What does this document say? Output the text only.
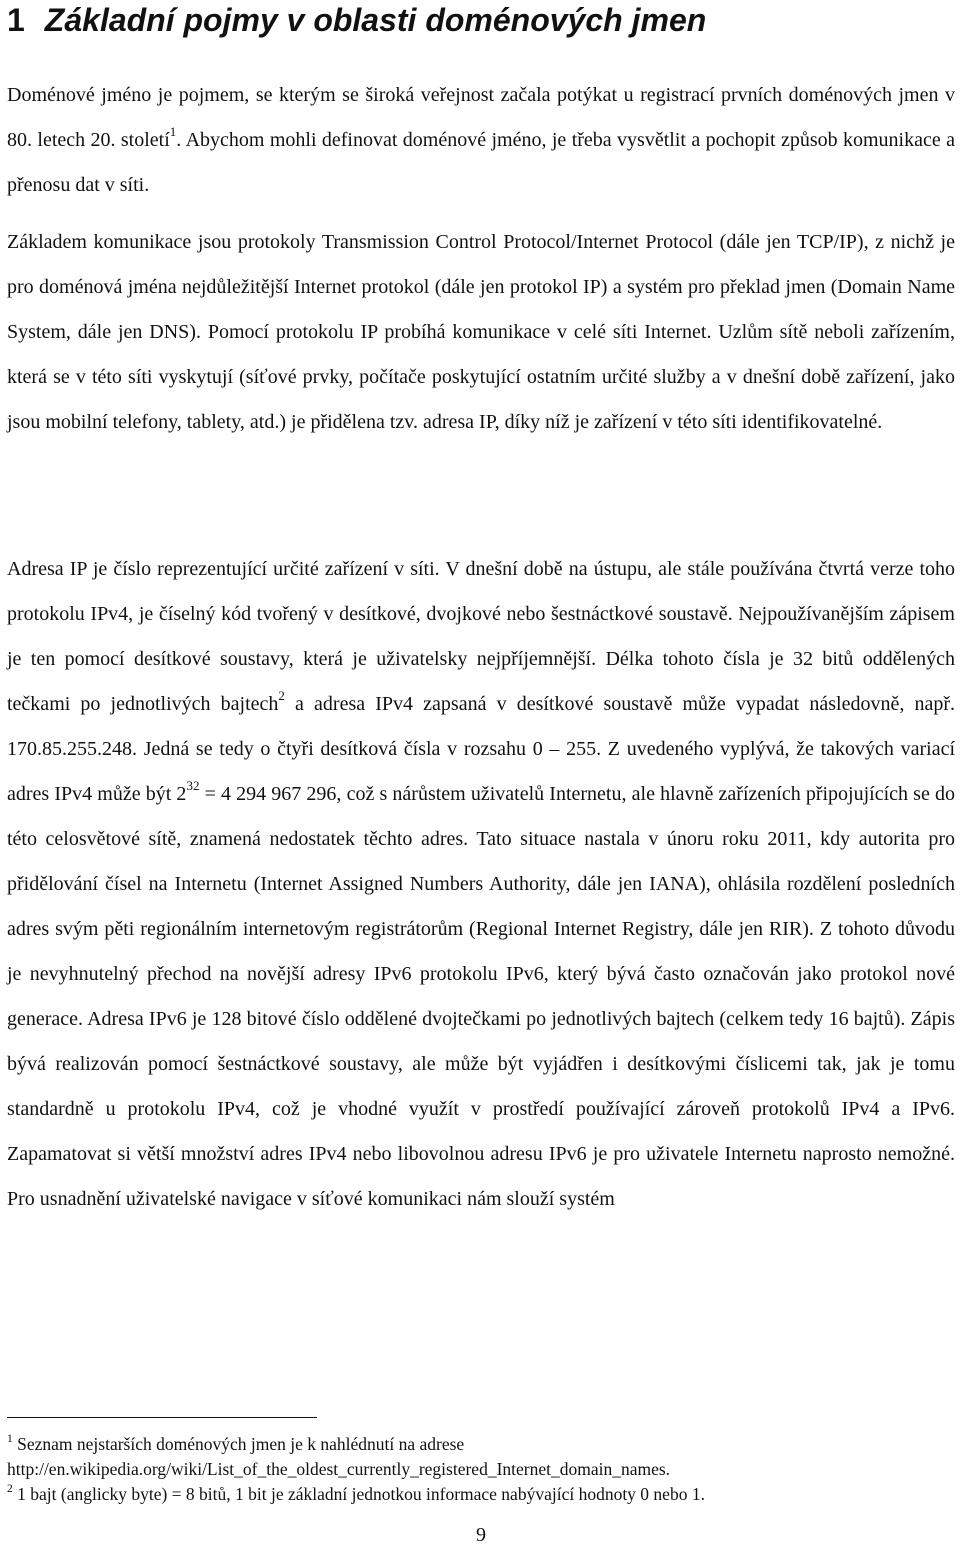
1 Základní pojmy v oblasti doménových jmen

Doménové jméno je pojmem, se kterým se široká veřejnost začala potýkat u registrací prvních doménových jmen v 80. letech 20. století$^1$. Abychom mohli definovat doménové jméno, je třeba vysvětlit a pochopit způsob komunikace a přenosu dat v síti.

Základem komunikace jsou protokoly Transmission Control Protocol/Internet Protocol (dále jen TCP/IP), z nichž je pro doménová jména nejdůležitější Internet protokol (dále jen protokol IP) a systém pro překlad jmen (Domain Name System, dále jen DNS). Pomocí protokolu IP probíhá komunikace v celé síti Internet. Uzlům sítě neboli zařízením, která se v této síti vyskytují (síťové prvky, počítače poskytující ostatním určité služby a v dnešní době zařízení, jako jsou mobilní telefony, tablety, atd.) je přidělena tzv. adresa IP, díky níž je zařízení v této síti identifikovatelné.

Adresa IP je číslo reprezentující určité zařízení v síti. V dnešní době na ústupu, ale stále používána čtvrtá verze toho protokolu IPv4, je číselný kód tvořený v desítkové, dvojkové nebo šestnáctkové soustavě. Nejpoužívanějším zápisem je ten pomocí desítkové soustavy, která je uživatelsky nejpříjemnější. Délka tohoto čísla je 32 bitů oddělených tečkami po jednotlivých bajtech$^2$ a adresa IPv4 zapsaná v desítkové soustavě může vypadat následovně, např. 170.85.255.248. Jedná se tedy o čtyři desítková čísla v rozsahu 0 – 255. Z uvedeného vyplývá, že takových variací adres IPv4 může být $2^{32} = 4$ 294 967 296, což s nárůstem uživatelů Internetu, ale hlavně zařízeních připojujících se do této celosvětové sítě, znamená nedostatek těchto adres. Tato situace nastala v únoru roku 2011, kdy autorita pro přidělování čísel na Internetu (Internet Assigned Numbers Authority, dále jen IANA), ohlásila rozdělení posledních adres svým pěti regionálním internetovým registrátorům (Regional Internet Registry, dále jen RIR). Z tohoto důvodu je nevyhnutelný přechod na novější adresy IPv6 protokolu IPv6, který bývá často označován jako protokol nové generace. Adresa IPv6 je 128 bitové číslo oddělené dvojtečkami po jednotlivých bajtech (celkem tedy 16 bajtů). Zápis bývá realizován pomocí šestnáctkové soustavy, ale může být vyjádřen i desítkovými číslicemi tak, jak je tomu standardně u protokolu IPv4, což je vhodné využít v prostředí používající zároveň protokolů IPv4 a IPv6. Zapamatovat si větší množství adres IPv4 nebo libovolnou adresu IPv6 je pro uživatele Internetu naprosto nemožné. Pro usnadnění uživatelské navigace v síťové komunikaci nám slouží systém

$^1$ Seznam nejstarších doménových jmen je k nahlédnutí na adrese
http://en.wikipedia.org/wiki/List_of_the_oldest_currently_registered_Internet_domain_names.

$^2$ 1 bajt (anglicky byte) = 8 bitů, 1 bit je základní jednotkou informace nabývající hodnoty 0 nebo 1.

9
